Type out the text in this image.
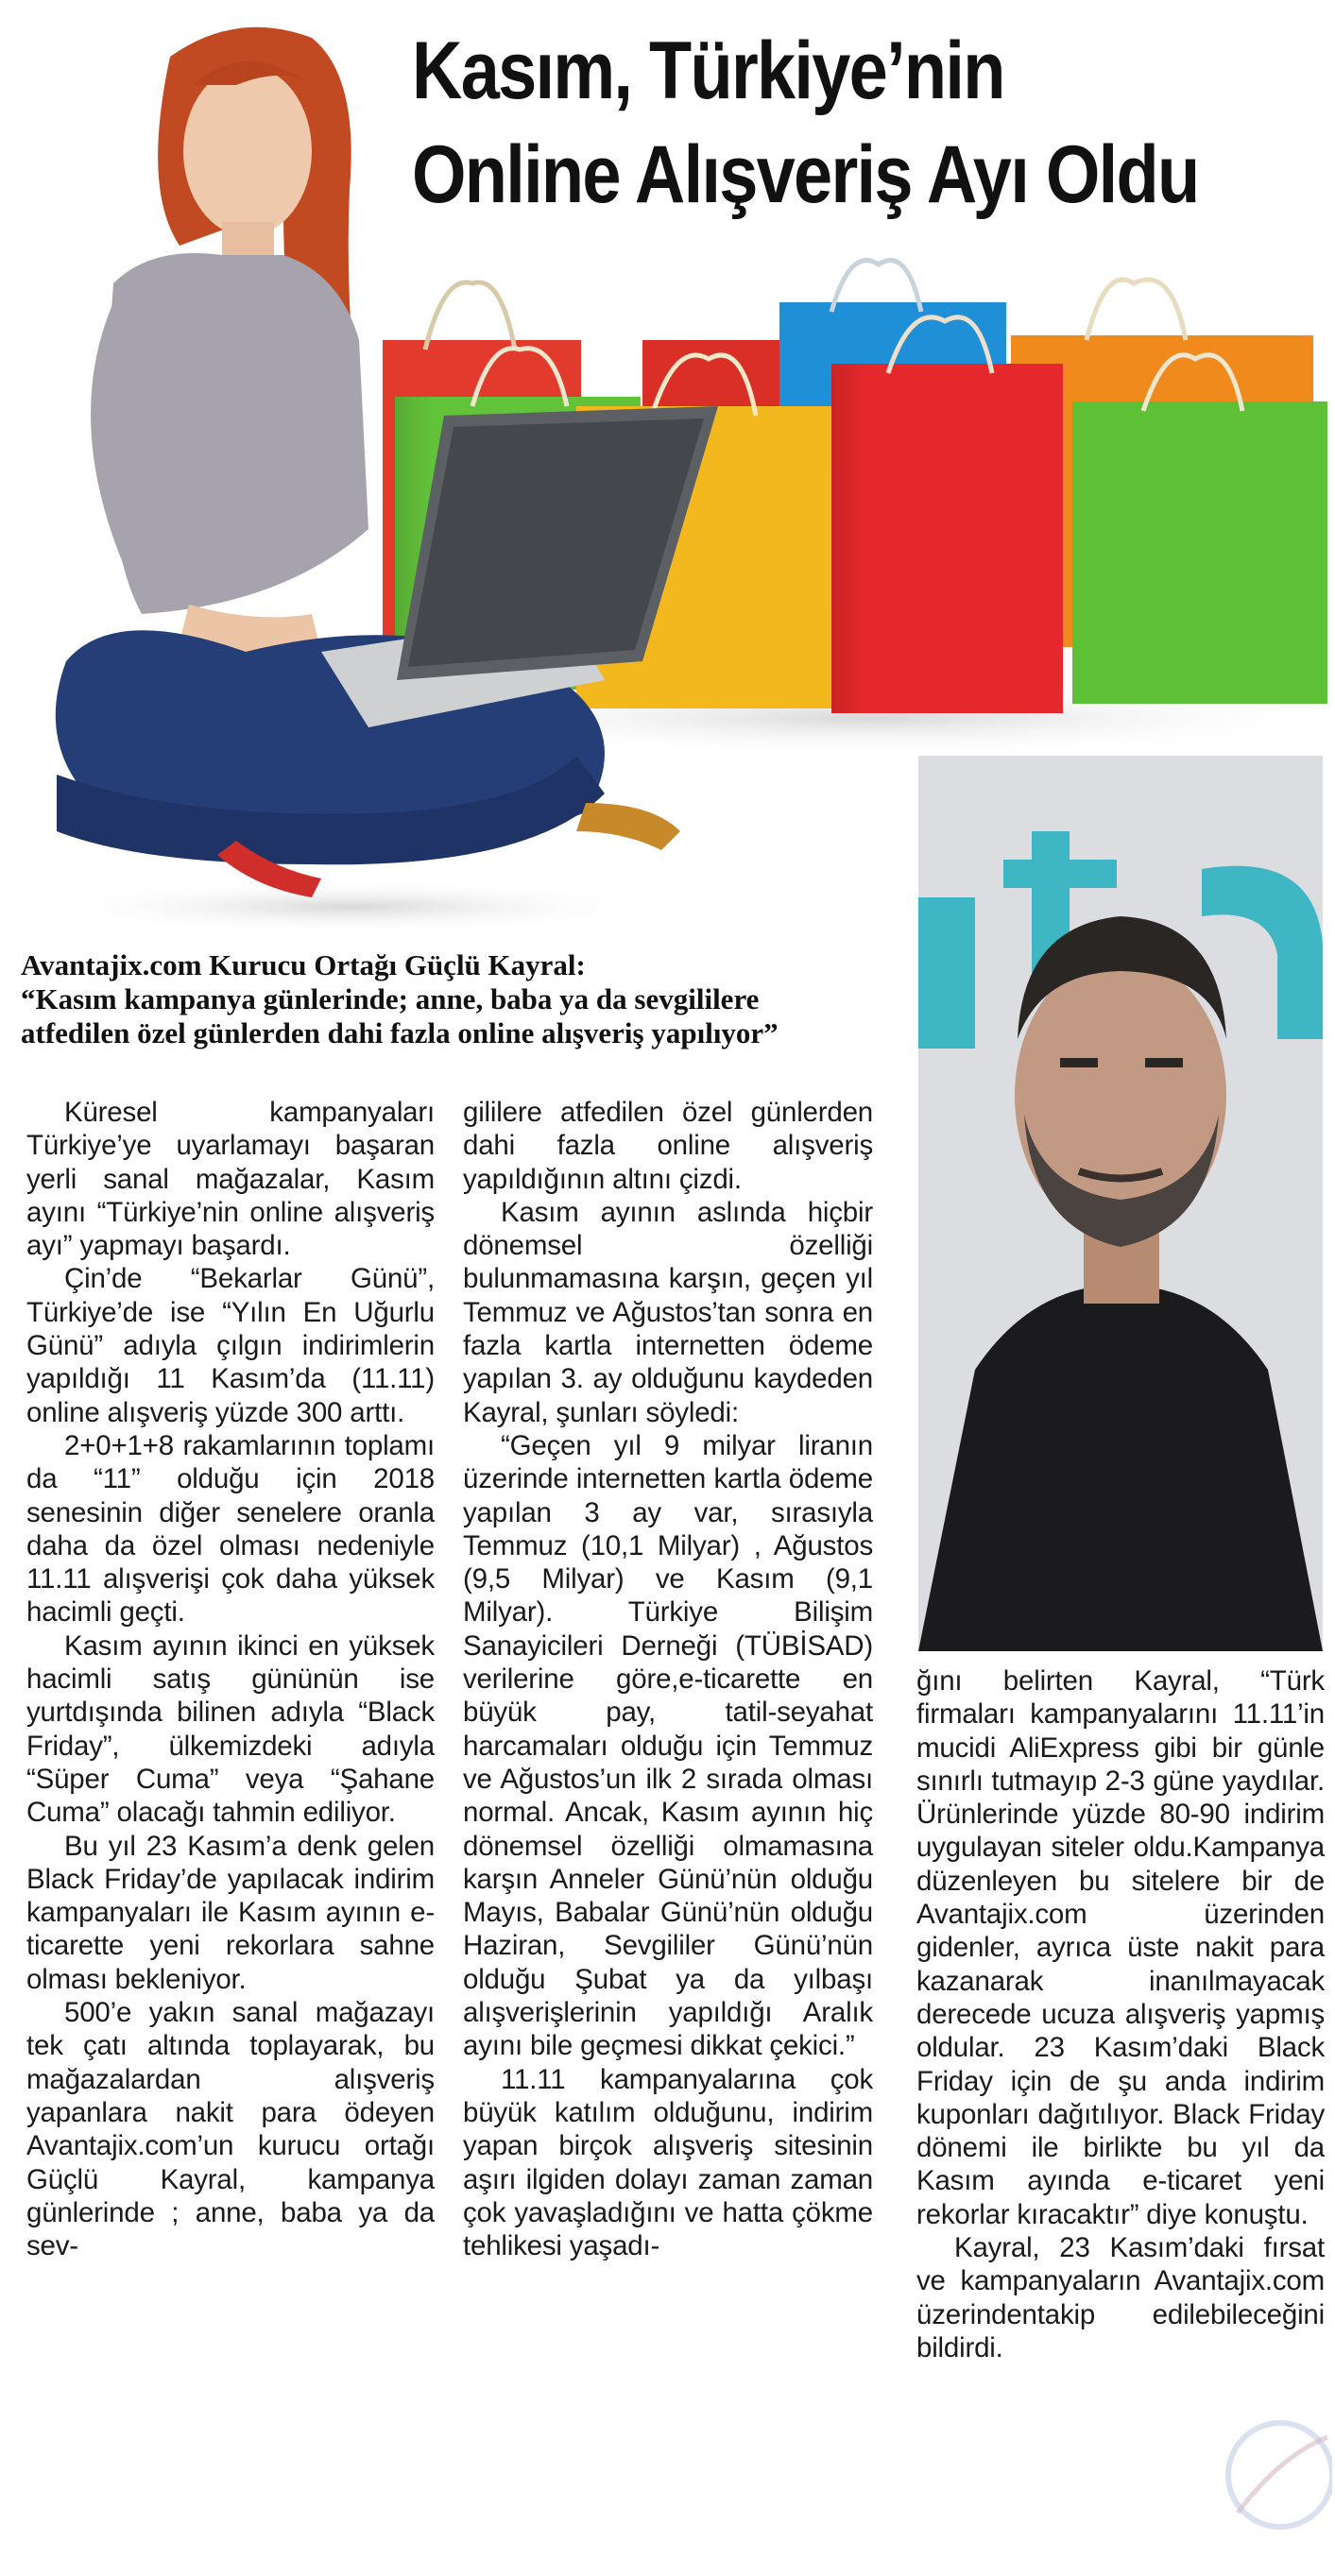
Kasım, Türkiye’nin
Online Alışveriş Ayı Oldu
Avantajix.com Kurucu Ortağı Güçlü Kayral:
“Kasım kampanya günlerinde; anne, baba ya da sevgililere
atfedilen özel günlerden dahi fazla online alışveriş yapılıyor”

Küresel kampanyaları Türkiye’ye uyarlamayı başaran yerli sanal mağazalar, Kasım ayını “Türkiye’nin online alışveriş ayı” yapmayı başardı.

Çin’de “Bekarlar Günü”, Türkiye’de ise “Yılın En Uğurlu Günü” adıyla çılgın indirimlerin yapıldığı 11 Kasım’da (11.11) online alışveriş yüzde 300 arttı.

2+0+1+8 rakamlarının toplamı da “11” olduğu için 2018 senesinin diğer senelere oranla daha da özel olması nedeniyle 11.11 alışverişi çok daha yüksek hacimli geçti.

Kasım ayının ikinci en yüksek hacimli satış gününün ise yurtdışında bilinen adıyla “Black Friday”, ülkemizdeki adıyla “Süper Cuma” veya “Şahane Cuma” olacağı tahmin ediliyor.

Bu yıl 23 Kasım’a denk gelen Black Friday’de yapılacak indirim kampanyaları ile Kasım ayının e-ticarette yeni rekorlara sahne olması bekleniyor.

500’e yakın sanal mağazayı tek çatı altında toplayarak, bu mağazalardan alışveriş yapanlara nakit para ödeyen Avantajix.com’un kurucu ortağı Güçlü Kayral, kampanya günlerinde ; anne, baba ya da sev-

gililere atfedilen özel günlerden dahi fazla online alışveriş yapıldığının altını çizdi.

Kasım ayının aslında hiçbir dönemsel özelliği bulunmamasına karşın, geçen yıl Temmuz ve Ağustos’tan sonra en fazla kartla internetten ödeme yapılan 3. ay olduğunu kaydeden Kayral, şunları söyledi:

“Geçen yıl 9 milyar liranın üzerinde internetten kartla ödeme yapılan 3 ay var, sırasıyla Temmuz (10,1 Milyar) , Ağustos (9,5 Milyar) ve Kasım (9,1 Milyar). Türkiye Bilişim Sanayicileri Derneği (TÜBİSAD) verilerine göre,e-ticarette en büyük pay, tatil-seyahat harcamaları olduğu için Temmuz ve Ağustos’un ilk 2 sırada olması normal. Ancak, Kasım ayının hiç dönemsel özelliği olmamasına karşın Anneler Günü’nün olduğu Mayıs, Babalar Günü’nün olduğu Haziran, Sevgililer Günü’nün olduğu Şubat ya da yılbaşı alışverişlerinin yapıldığı Aralık ayını bile geçmesi dikkat çekici.”

11.11 kampanyalarına çok büyük katılım olduğunu, indirim yapan birçok alışveriş sitesinin aşırı ilgiden dolayı zaman zaman çok yavaşladığını ve hatta çökme tehlikesi yaşadı-

ğını belirten Kayral, “Türk firmaları kampanyalarını 11.11’in mucidi AliExpress gibi bir günle sınırlı tutmayıp 2-3 güne yaydılar. Ürünlerinde yüzde 80-90 indirim uygulayan siteler oldu.Kampanya düzenleyen bu sitelere bir de Avantajix.com üzerinden gidenler, ayrıca üste nakit para kazanarak inanılmayacak derecede ucuza alışveriş yapmış oldular. 23 Kasım’daki Black Friday için de şu anda indirim kuponları dağıtılıyor. Black Friday dönemi ile birlikte bu yıl da Kasım ayında e-ticaret yeni rekorlar kıracaktır” diye konuştu.

Kayral, 23 Kasım’daki fırsat ve kampanyaların Avantajix.com üzerindentakip edilebileceğini bildirdi.
